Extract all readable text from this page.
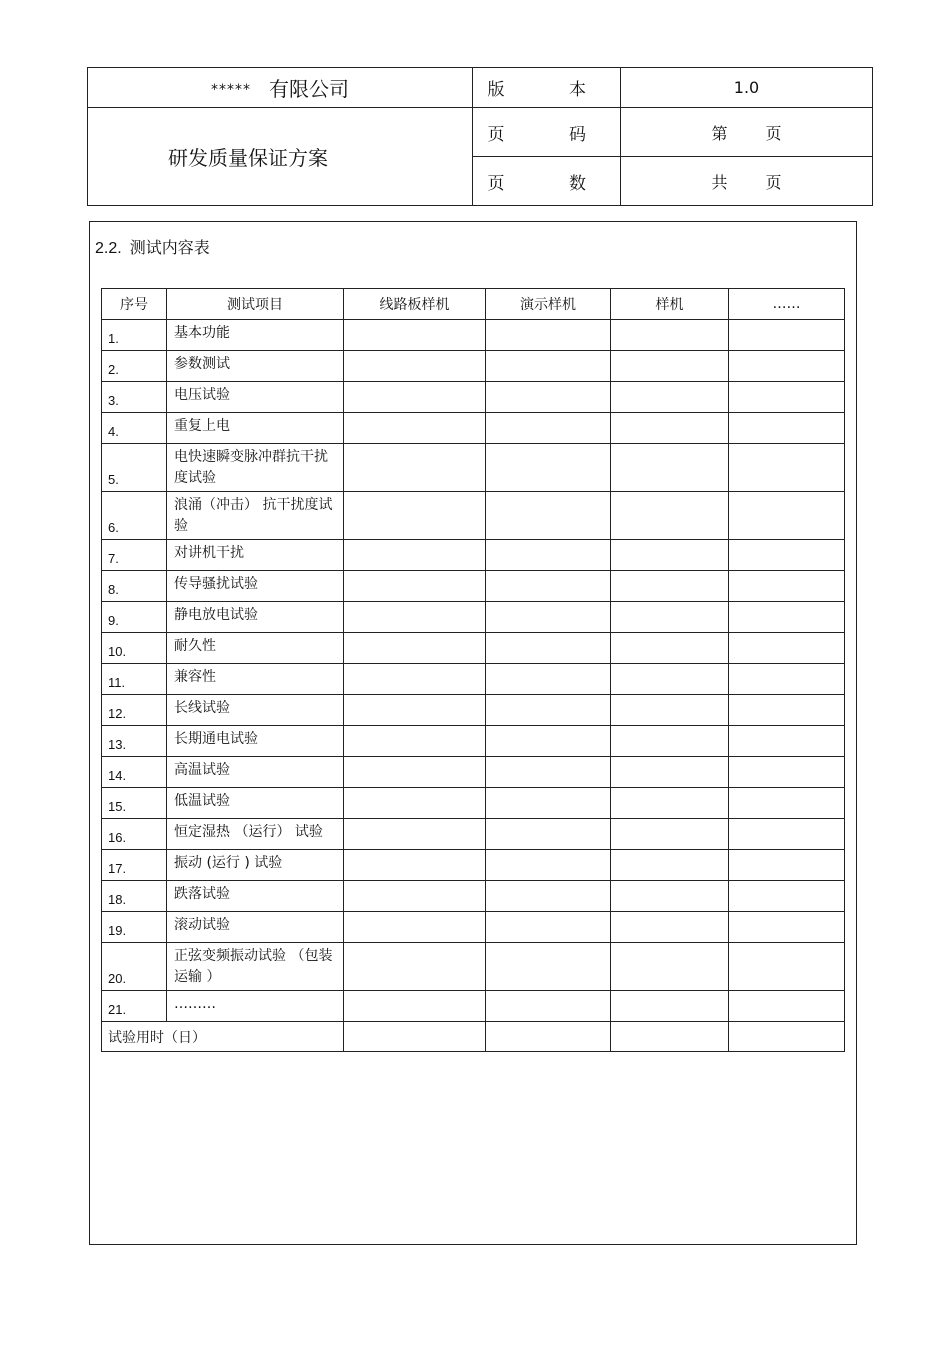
***** 有限公司	版 本	1.0
研发质量保证方案	页 码	第 页
	页 数	共 页
2.2. 测试内容表
序号	测试项目	线路板样机	演示样机	样机	……
1.	基本功能				
2.	参数测试				
3.	电压试验				
4.	重复上电				
5.	电快速瞬变脉冲群抗干扰度试验				
6.	浪涌（冲击） 抗干扰度试验				
7.	对讲机干扰				
8.	传导骚扰试验				
9.	静电放电试验				
10.	耐久性				
11.	兼容性				
12.	长线试验				
13.	长期通电试验				
14.	高温试验				
15.	低温试验				
16.	恒定湿热 （运行） 试验				
17.	振动 (运行 ) 试验				
18.	跌落试验				
19.	滚动试验				
20.	正弦变频振动试验 （包装运输 ）				
21.	………				
试验用时（日）					
